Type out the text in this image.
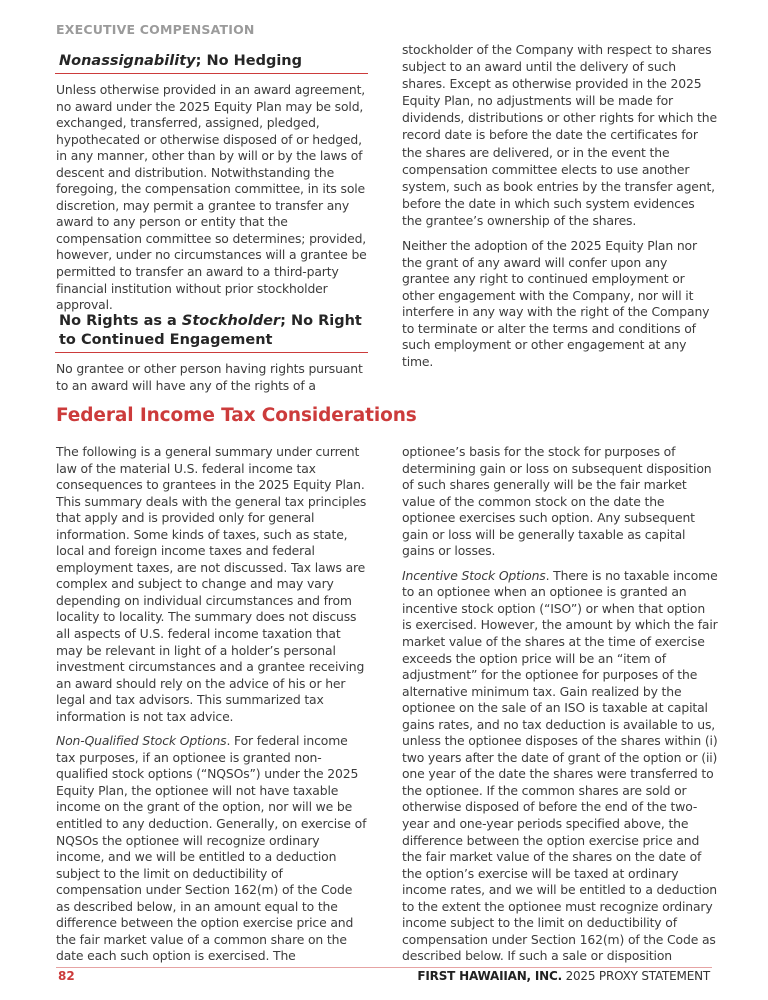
EXECUTIVE COMPENSATION
Nonassignability; No Hedging

Unless otherwise provided in an award agreement, no award under the 2025 Equity Plan may be sold, exchanged, transferred, assigned, pledged, hypothecated or otherwise disposed of or hedged, in any manner, other than by will or by the laws of descent and distribution. Notwithstanding the foregoing, the compensation committee, in its sole discretion, may permit a grantee to transfer any award to any person or entity that the compensation committee so determines; provided, however, under no circumstances will a grantee be permitted to transfer an award to a third-party financial institution without prior stockholder approval.

No Rights as a Stockholder; No Right to Continued Engagement

No grantee or other person having rights pursuant to an award will have any of the rights of a

stockholder of the Company with respect to shares subject to an award until the delivery of such shares. Except as otherwise provided in the 2025 Equity Plan, no adjustments will be made for dividends, distributions or other rights for which the record date is before the date the certificates for the shares are delivered, or in the event the compensation committee elects to use another system, such as book entries by the transfer agent, before the date in which such system evidences the grantee’s ownership of the shares.

Neither the adoption of the 2025 Equity Plan nor the grant of any award will confer upon any grantee any right to continued employment or other engagement with the Company, nor will it interfere in any way with the right of the Company to terminate or alter the terms and conditions of such employment or other engagement at any time.

Federal Income Tax Considerations

The following is a general summary under current law of the material U.S. federal income tax consequences to grantees in the 2025 Equity Plan. This summary deals with the general tax principles that apply and is provided only for general information. Some kinds of taxes, such as state, local and foreign income taxes and federal employment taxes, are not discussed. Tax laws are complex and subject to change and may vary depending on individual circumstances and from locality to locality. The summary does not discuss all aspects of U.S. federal income taxation that may be relevant in light of a holder’s personal investment circumstances and a grantee receiving an award should rely on the advice of his or her legal and tax advisors. This summarized tax information is not tax advice.

Non-Qualified Stock Options. For federal income tax purposes, if an optionee is granted non-qualified stock options (“NQSOs”) under the 2025 Equity Plan, the optionee will not have taxable income on the grant of the option, nor will we be entitled to any deduction. Generally, on exercise of NQSOs the optionee will recognize ordinary income, and we will be entitled to a deduction subject to the limit on deductibility of compensation under Section 162(m) of the Code as described below, in an amount equal to the difference between the option exercise price and the fair market value of a common share on the date each such option is exercised. The

optionee’s basis for the stock for purposes of determining gain or loss on subsequent disposition of such shares generally will be the fair market value of the common stock on the date the optionee exercises such option. Any subsequent gain or loss will be generally taxable as capital gains or losses.

Incentive Stock Options. There is no taxable income to an optionee when an optionee is granted an incentive stock option (“ISO”) or when that option is exercised. However, the amount by which the fair market value of the shares at the time of exercise exceeds the option price will be an “item of adjustment” for the optionee for purposes of the alternative minimum tax. Gain realized by the optionee on the sale of an ISO is taxable at capital gains rates, and no tax deduction is available to us, unless the optionee disposes of the shares within (i) two years after the date of grant of the option or (ii) one year of the date the shares were transferred to the optionee. If the common shares are sold or otherwise disposed of before the end of the two-year and one-year periods specified above, the difference between the option exercise price and the fair market value of the shares on the date of the option’s exercise will be taxed at ordinary income rates, and we will be entitled to a deduction to the extent the optionee must recognize ordinary income subject to the limit on deductibility of compensation under Section 162(m) of the Code as described below. If such a sale or disposition

82	FIRST HAWAIIAN, INC. 2025 PROXY STATEMENT
